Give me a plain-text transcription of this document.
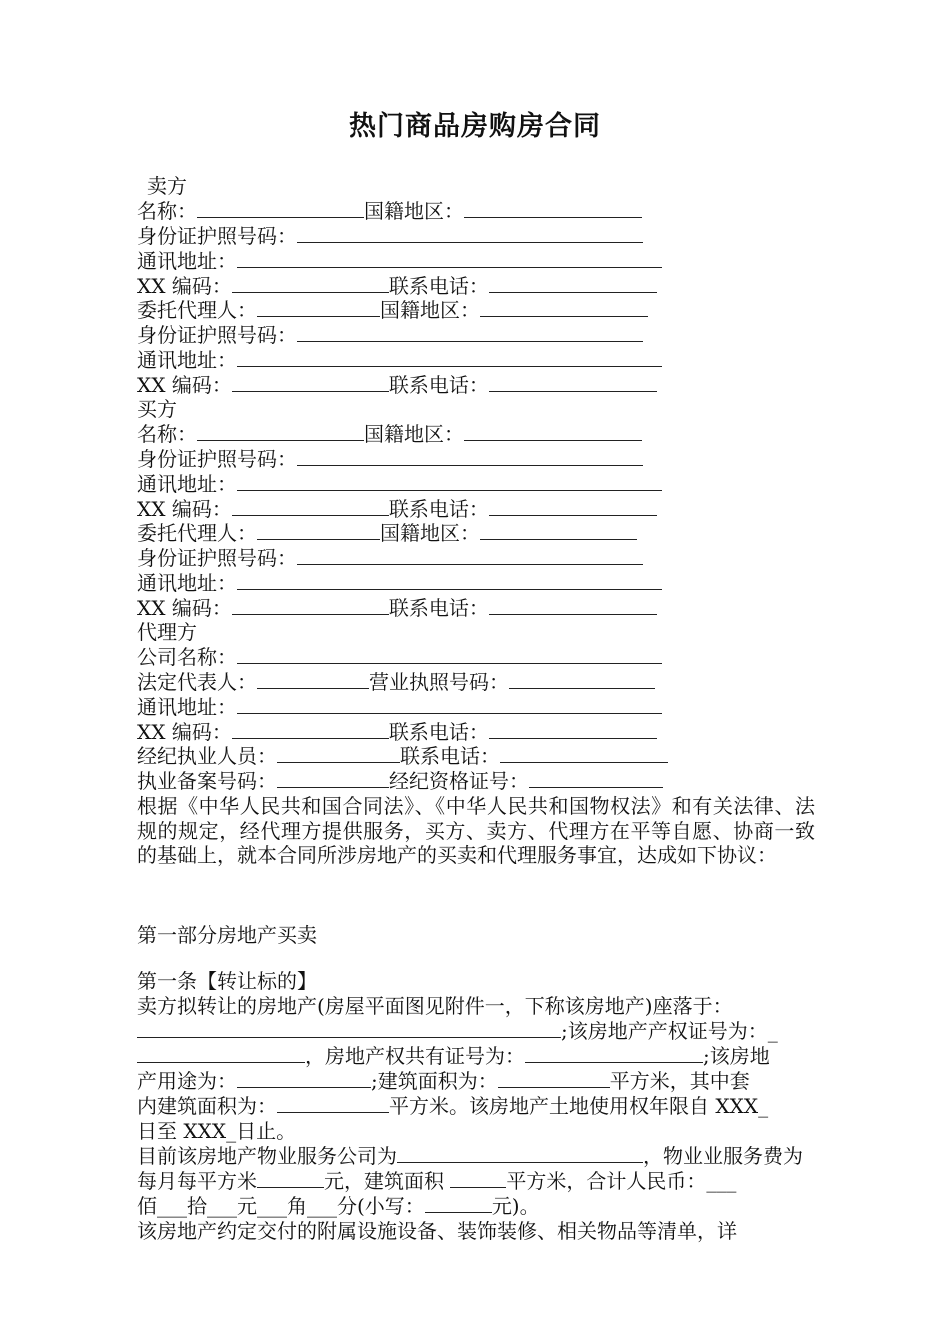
热门商品房购房合同
卖方
名称：	国籍地区：
身份证护照号码：
通讯地址：
XX 编码：	联系电话：
委托代理人：	国籍地区：
身份证护照号码：
通讯地址：
XX 编码：	联系电话：
买方
名称：	国籍地区：
身份证护照号码：
通讯地址：
XX 编码：	联系电话：
委托代理人：	国籍地区：
身份证护照号码：
通讯地址：
XX 编码：	联系电话：
代理方
公司名称：
法定代表人：	营业执照号码：
通讯地址：
XX 编码：	联系电话：
经纪执业人员：	联系电话：
执业备案号码：	经纪资格证号：
根据《中华人民共和国合同法》、《中华人民共和国物权法》和有关法律、法规的规定，经代理方提供服务，买方、卖方、代理方在平等自愿、协商一致的基础上，就本合同所涉房地产的买卖和代理服务事宜，达成如下协议：
第一部分房地产买卖
第一条【转让标的】
卖方拟转让的房地产(房屋平面图见附件一，下称该房地产)座落于：
;该房地产产权证号为：_
，房地产权共有证号为：	;该房地
产用途为：	;建筑面积为：	平方米，其中套
内建筑面积为：	平方米。该房地产土地使用权年限自 XXX_
日至 XXX_日止。
目前该房地产物业服务公司为	，物业业服务费为
每月每平方米	元，建筑面积	平方米，合计人民币：___
佰___拾___元___角___分(小写：	元)。
该房地产约定交付的附属设施设备、装饰装修、相关物品等清单，详
